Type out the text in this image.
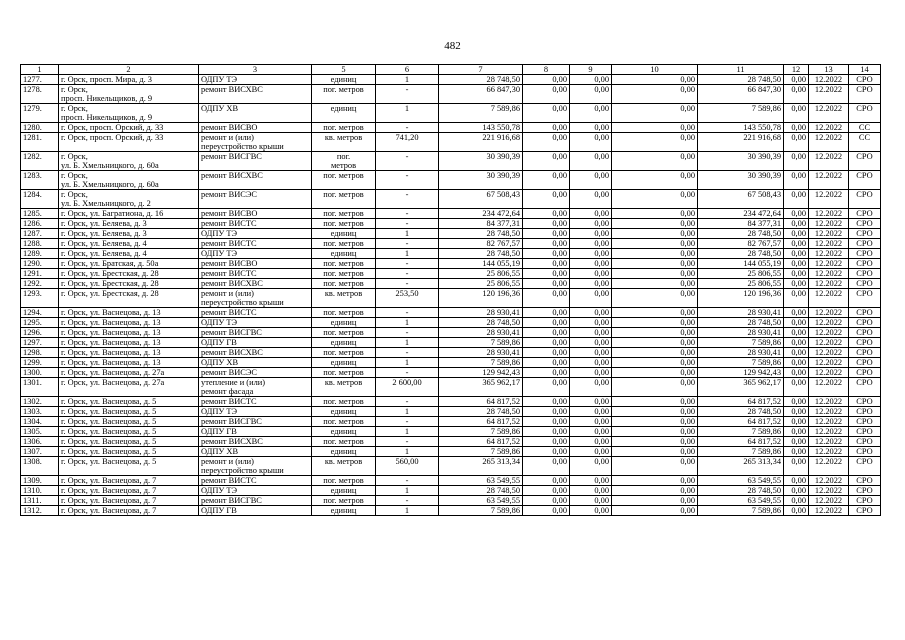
482
1	2	3	5	6	7	8	9	10	11	12	13	14
1277.	г. Орск, просп. Мира, д. 3	ОДПУ ТЭ	единиц	1	28 748,50	0,00	0,00	0,00	28 748,50	0,00	12.2022	СРО
1278.	г. Орск,
просп. Никельщиков, д. 9	ремонт ВИСХВС	пог. метров	-	66 847,30	0,00	0,00	0,00	66 847,30	0,00	12.2022	СРО
1279.	г. Орск,
просп. Никельщиков, д. 9	ОДПУ ХВ	единиц	1	7 589,86	0,00	0,00	0,00	7 589,86	0,00	12.2022	СРО
1280.	г. Орск, просп. Орский, д. 33	ремонт ВИСВО	пог. метров	-	143 550,78	0,00	0,00	0,00	143 550,78	0,00	12.2022	СС
1281.	г. Орск, просп. Орский, д. 33	ремонт и (или)
переустройство крыши	кв. метров	741,20	221 916,68	0,00	0,00	0,00	221 916,68	0,00	12.2022	СС
1282.	г. Орск,
ул. Б. Хмельницкого, д. 60а	ремонт ВИСГВС	пог.
метров	-	30 390,39	0,00	0,00	0,00	30 390,39	0,00	12.2022	СРО
1283.	г. Орск,
ул. Б. Хмельницкого, д. 60а	ремонт ВИСХВС	пог. метров	-	30 390,39	0,00	0,00	0,00	30 390,39	0,00	12.2022	СРО
1284.	г. Орск,
ул. Б. Хмельницкого, д. 2	ремонт ВИСЭС	пог. метров	-	67 508,43	0,00	0,00	0,00	67 508,43	0,00	12.2022	СРО
1285.	г. Орск, ул. Багратиона, д. 16	ремонт ВИСВО	пог. метров	-	234 472,64	0,00	0,00	0,00	234 472,64	0,00	12.2022	СРО
1286.	г. Орск, ул. Беляева, д. 3	ремонт ВИСТС	пог. метров	-	84 377,31	0,00	0,00	0,00	84 377,31	0,00	12.2022	СРО
1287.	г. Орск, ул. Беляева, д. 3	ОДПУ ТЭ	единиц	1	28 748,50	0,00	0,00	0,00	28 748,50	0,00	12.2022	СРО
1288.	г. Орск, ул. Беляева, д. 4	ремонт ВИСТС	пог. метров	-	82 767,57	0,00	0,00	0,00	82 767,57	0,00	12.2022	СРО
1289.	г. Орск, ул. Беляева, д. 4	ОДПУ ТЭ	единиц	1	28 748,50	0,00	0,00	0,00	28 748,50	0,00	12.2022	СРО
1290.	г. Орск, ул. Братская, д. 50а	ремонт ВИСВО	пог. метров	-	144 055,19	0,00	0,00	0,00	144 055,19	0,00	12.2022	СРО
1291.	г. Орск, ул. Брестская, д. 28	ремонт ВИСТС	пог. метров	-	25 806,55	0,00	0,00	0,00	25 806,55	0,00	12.2022	СРО
1292.	г. Орск, ул. Брестская, д. 28	ремонт ВИСХВС	пог. метров	-	25 806,55	0,00	0,00	0,00	25 806,55	0,00	12.2022	СРО
1293.	г. Орск, ул. Брестская, д. 28	ремонт и (или)
переустройство крыши	кв. метров	253,50	120 196,36	0,00	0,00	0,00	120 196,36	0,00	12.2022	СРО
1294.	г. Орск, ул. Васнецова, д. 13	ремонт ВИСТС	пог. метров	-	28 930,41	0,00	0,00	0,00	28 930,41	0,00	12.2022	СРО
1295.	г. Орск, ул. Васнецова, д. 13	ОДПУ ТЭ	единиц	1	28 748,50	0,00	0,00	0,00	28 748,50	0,00	12.2022	СРО
1296.	г. Орск, ул. Васнецова, д. 13	ремонт ВИСГВС	пог. метров	-	28 930,41	0,00	0,00	0,00	28 930,41	0,00	12.2022	СРО
1297.	г. Орск, ул. Васнецова, д. 13	ОДПУ ГВ	единиц	1	7 589,86	0,00	0,00	0,00	7 589,86	0,00	12.2022	СРО
1298.	г. Орск, ул. Васнецова, д. 13	ремонт ВИСХВС	пог. метров	-	28 930,41	0,00	0,00	0,00	28 930,41	0,00	12.2022	СРО
1299.	г. Орск, ул. Васнецова, д. 13	ОДПУ ХВ	единиц	1	7 589,86	0,00	0,00	0,00	7 589,86	0,00	12.2022	СРО
1300.	г. Орск, ул. Васнецова, д. 27а	ремонт ВИСЭС	пог. метров	-	129 942,43	0,00	0,00	0,00	129 942,43	0,00	12.2022	СРО
1301.	г. Орск, ул. Васнецова, д. 27а	утепление и (или)
ремонт фасада	кв. метров	2 600,00	365 962,17	0,00	0,00	0,00	365 962,17	0,00	12.2022	СРО
1302.	г. Орск, ул. Васнецова, д. 5	ремонт ВИСТС	пог. метров	-	64 817,52	0,00	0,00	0,00	64 817,52	0,00	12.2022	СРО
1303.	г. Орск, ул. Васнецова, д. 5	ОДПУ ТЭ	единиц	1	28 748,50	0,00	0,00	0,00	28 748,50	0,00	12.2022	СРО
1304.	г. Орск, ул. Васнецова, д. 5	ремонт ВИСГВС	пог. метров	-	64 817,52	0,00	0,00	0,00	64 817,52	0,00	12.2022	СРО
1305.	г. Орск, ул. Васнецова, д. 5	ОДПУ ГВ	единиц	1	7 589,86	0,00	0,00	0,00	7 589,86	0,00	12.2022	СРО
1306.	г. Орск, ул. Васнецова, д. 5	ремонт ВИСХВС	пог. метров	-	64 817,52	0,00	0,00	0,00	64 817,52	0,00	12.2022	СРО
1307.	г. Орск, ул. Васнецова, д. 5	ОДПУ ХВ	единиц	1	7 589,86	0,00	0,00	0,00	7 589,86	0,00	12.2022	СРО
1308.	г. Орск, ул. Васнецова, д. 5	ремонт и (или)
переустройство крыши	кв. метров	560,00	265 313,34	0,00	0,00	0,00	265 313,34	0,00	12.2022	СРО
1309.	г. Орск, ул. Васнецова, д. 7	ремонт ВИСТС	пог. метров	-	63 549,55	0,00	0,00	0,00	63 549,55	0,00	12.2022	СРО
1310.	г. Орск, ул. Васнецова, д. 7	ОДПУ ТЭ	единиц	1	28 748,50	0,00	0,00	0,00	28 748,50	0,00	12.2022	СРО
1311.	г. Орск, ул. Васнецова, д. 7	ремонт ВИСГВС	пог. метров	-	63 549,55	0,00	0,00	0,00	63 549,55	0,00	12.2022	СРО
1312.	г. Орск, ул. Васнецова, д. 7	ОДПУ ГВ	единиц	1	7 589,86	0,00	0,00	0,00	7 589,86	0,00	12.2022	СРО
